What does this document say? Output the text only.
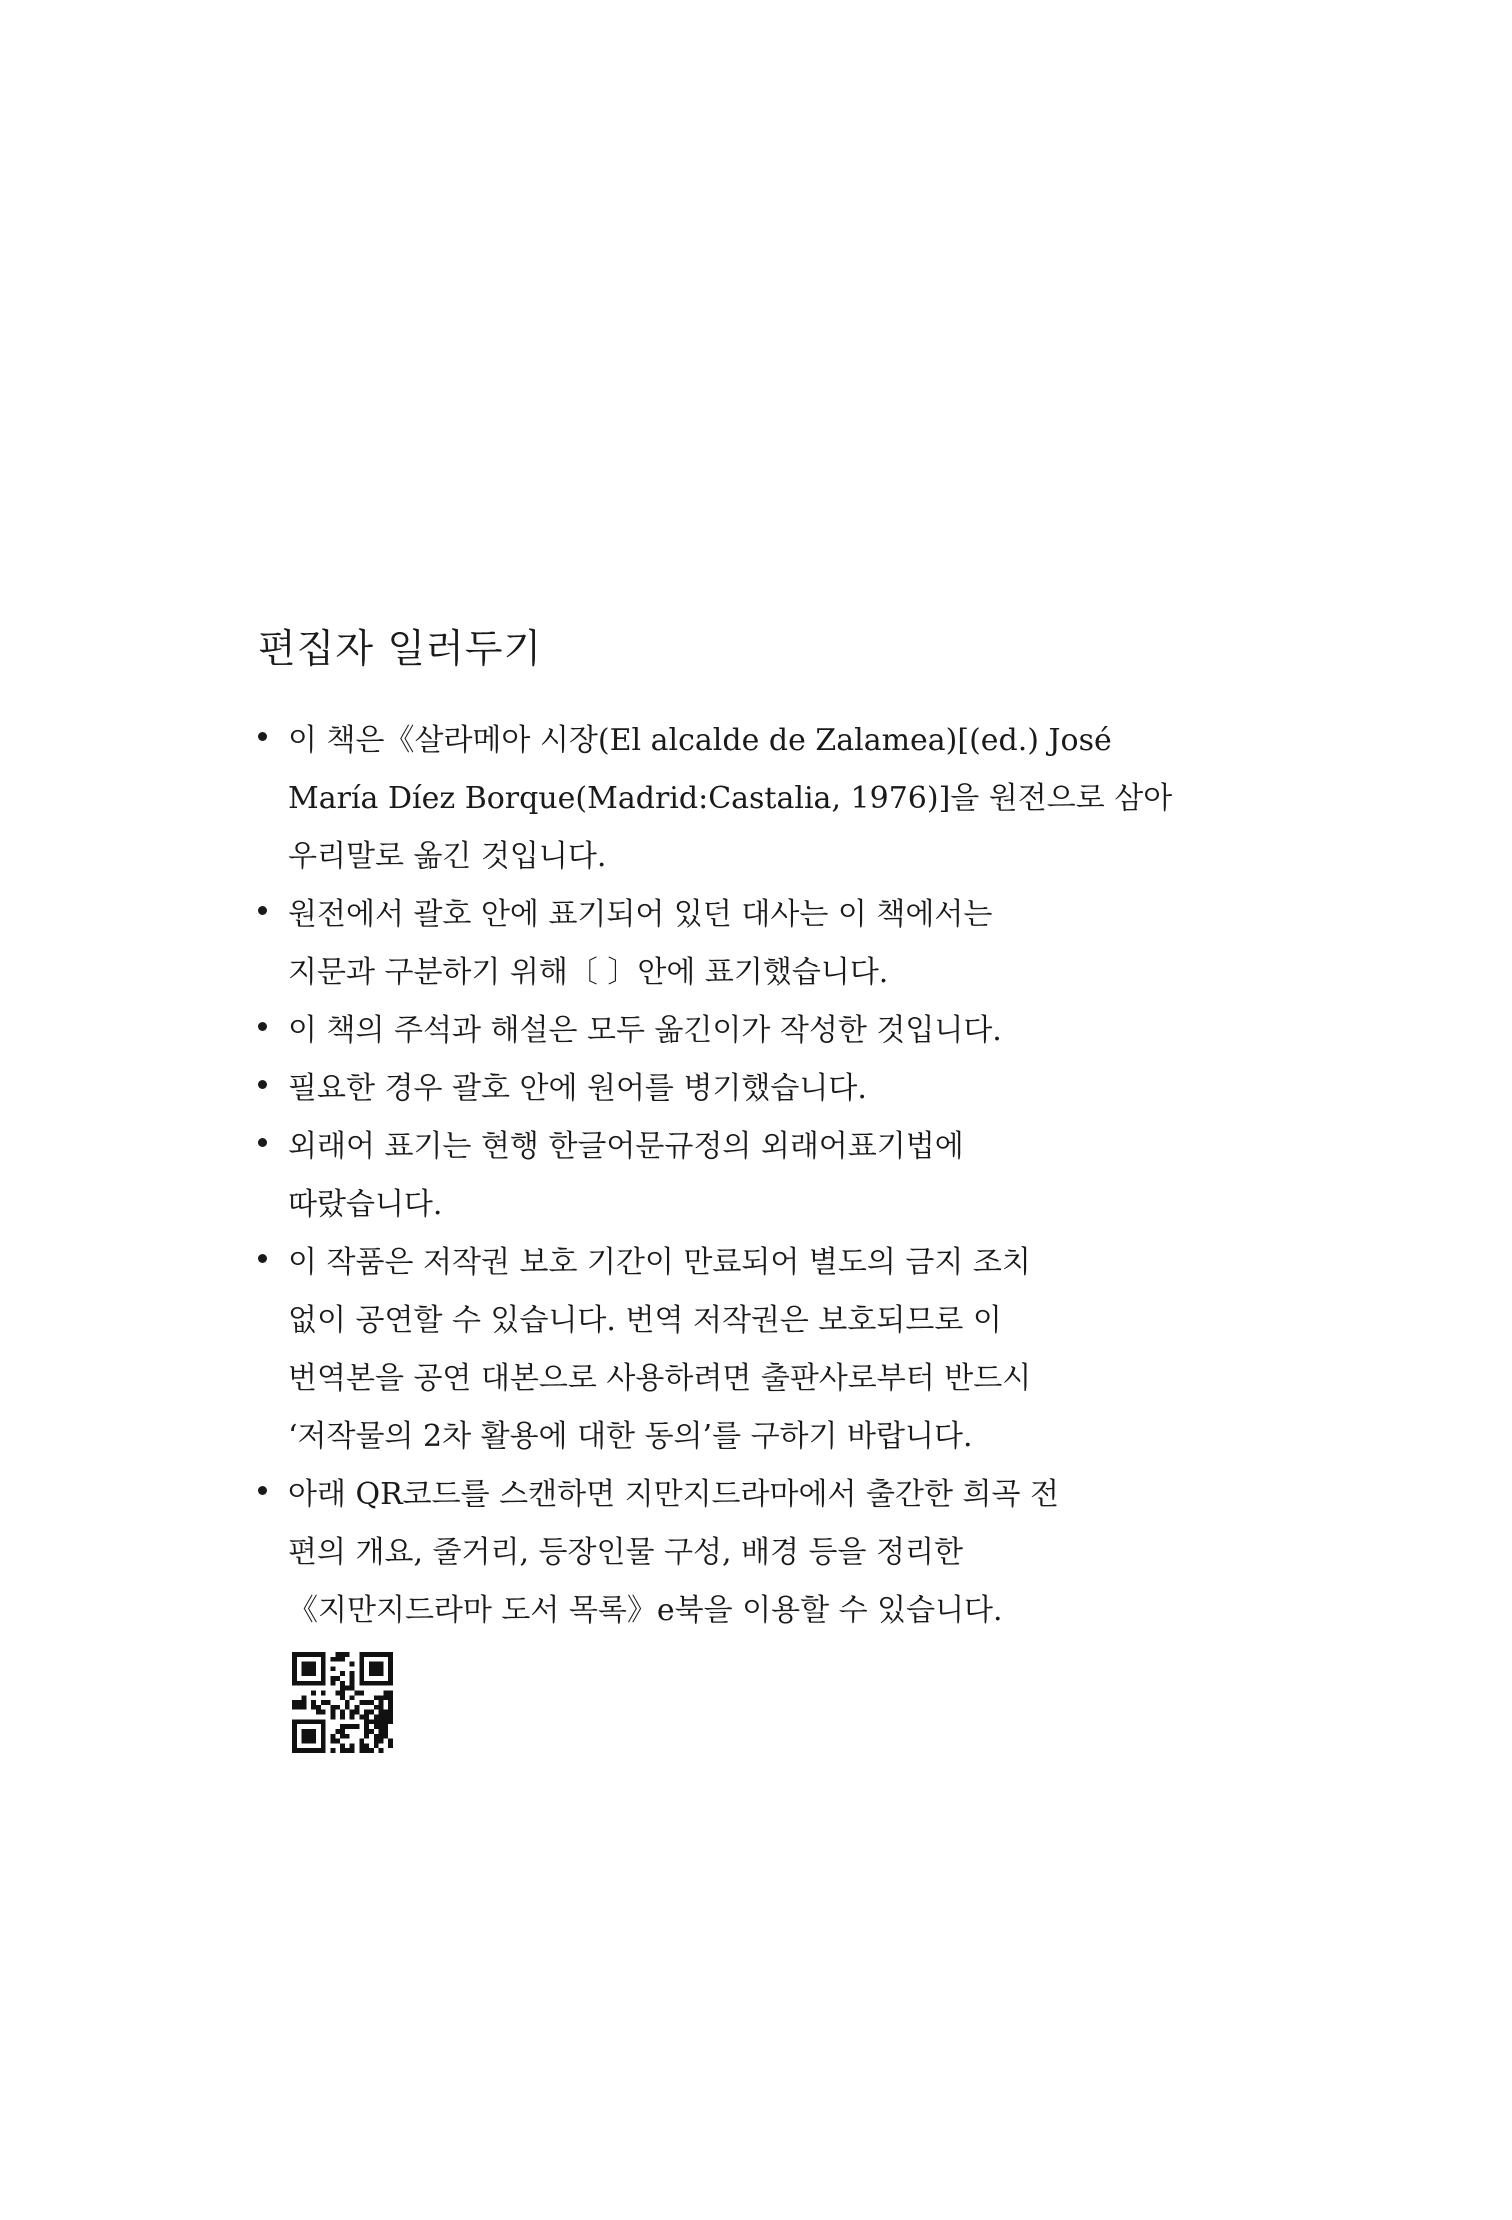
편집자 일러두기
이 책은《살라메아 시장(El alcalde de Zalamea)[(ed.) José
María Díez Borque(Madrid:Castalia, 1976)]을 원전으로 삼아
우리말로 옮긴 것입니다.
원전에서 괄호 안에 표기되어 있던 대사는 이 책에서는
지문과 구분하기 위해〔 〕안에 표기했습니다.
이 책의 주석과 해설은 모두 옮긴이가 작성한 것입니다.
필요한 경우 괄호 안에 원어를 병기했습니다.
외래어 표기는 현행 한글어문규정의 외래어표기법에
따랐습니다.
이 작품은 저작권 보호 기간이 만료되어 별도의 금지 조치
없이 공연할 수 있습니다. 번역 저작권은 보호되므로 이
번역본을 공연 대본으로 사용하려면 출판사로부터 반드시
‘저작물의 2차 활용에 대한 동의’를 구하기 바랍니다.
아래 QR코드를 스캔하면 지만지드라마에서 출간한 희곡 전
편의 개요, 줄거리, 등장인물 구성, 배경 등을 정리한
《지만지드라마 도서 목록》e북을 이용할 수 있습니다.
